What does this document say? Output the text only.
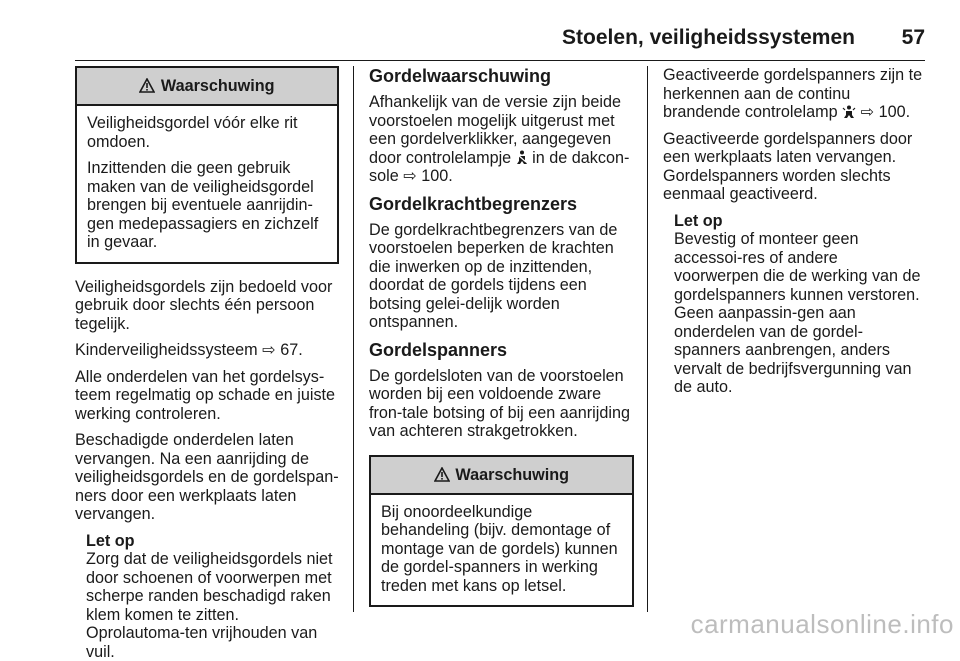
Stoelen, veiligheidssystemen 57
Waarschuwing

Veiligheidsgordel vóór elke rit omdoen.

Inzittenden die geen gebruik maken van de veiligheidsgordel brengen bij eventuele aanrijdin-gen medepassagiers en zichzelf in gevaar.

Veiligheidsgordels zijn bedoeld voor gebruik door slechts één persoon tegelijk.

Kinderveiligheidssysteem ⇨ 67.

Alle onderdelen van het gordelsys-teem regelmatig op schade en juiste werking controleren.

Beschadigde onderdelen laten vervangen. Na een aanrijding de veiligheidsgordels en de gordelspan-ners door een werkplaats laten vervangen.

Let op
Zorg dat de veiligheidsgordels niet door schoenen of voorwerpen met scherpe randen beschadigd raken klem komen te zitten. Oprolautoma-ten vrijhouden van vuil.
Gordelwaarschuwing

Afhankelijk van de versie zijn beide voorstoelen mogelijk uitgerust met een gordelverklikker, aangegeven door controlelampje in de dakcon-sole ⇨ 100.

Gordelkrachtbegrenzers

De gordelkrachtbegrenzers van de voorstoelen beperken de krachten die inwerken op de inzittenden, doordat de gordels tijdens een botsing gelei-delijk worden ontspannen.

Gordelspanners

De gordelsloten van de voorstoelen worden bij een voldoende zware fron-tale botsing of bij een aanrijding van achteren strakgetrokken.

Waarschuwing

Bij onoordeelkundige behandeling (bijv. demontage of montage van de gordels) kunnen de gordel-spanners in werking treden met kans op letsel.

Geactiveerde gordelspanners zijn te herkennen aan de continu brandende controlelamp ⇨ 100.

Geactiveerde gordelspanners door een werkplaats laten vervangen. Gordelspanners worden slechts eenmaal geactiveerd.

Let op
Bevestig of monteer geen accessoi-res of andere voorwerpen die de werking van de gordelspanners kunnen verstoren. Geen aanpassin-gen aan onderdelen van de gordel-spanners aanbrengen, anders vervalt de bedrijfsvergunning van de auto.
carmanualsonline.info
